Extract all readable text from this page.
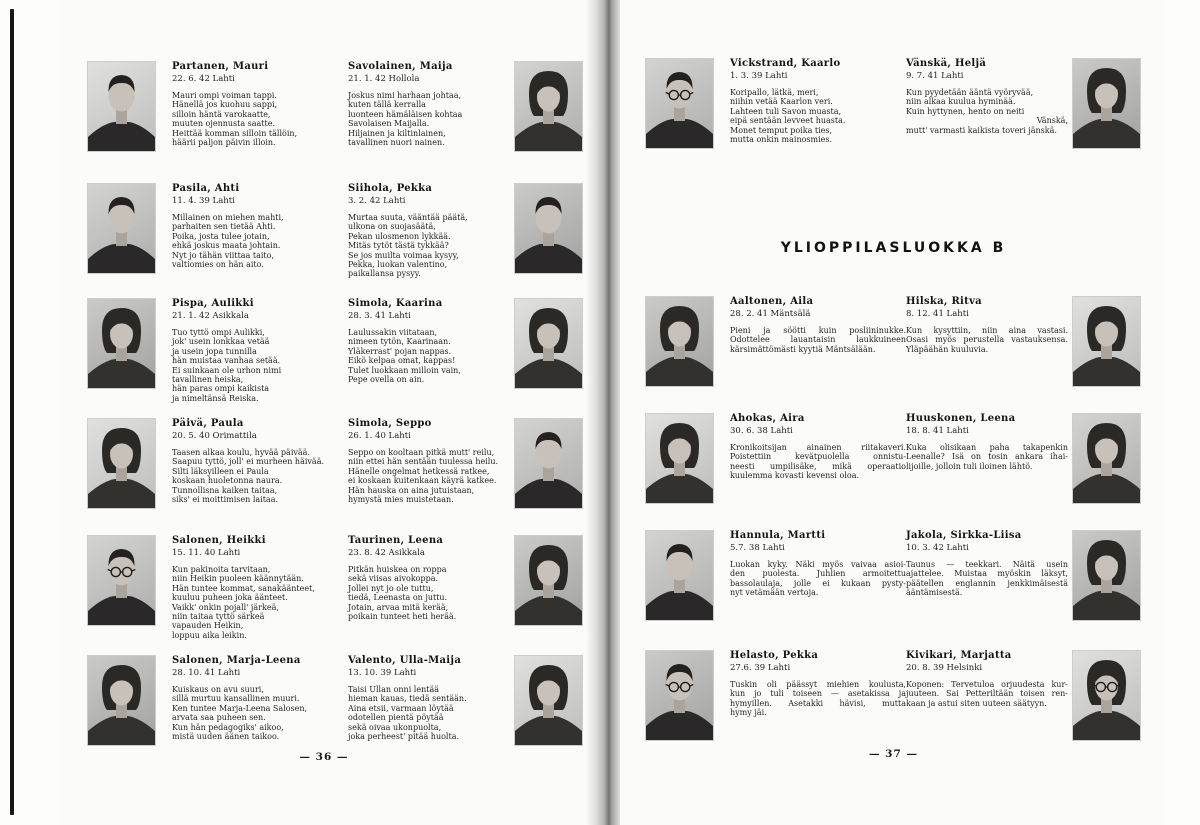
Partanen, Mauri
22. 6. 42 Lahti
Mauri ompi voiman tappi.
Hänellä jos kuohuu sappi,
silloin häntä varokaatte,
muuten ojennusta saatte.
Heittää komman silloin tällöin,
häärii paljon päivin illoin.
Savolainen, Maija
21. 1. 42 Hollola
Joskus nimi harhaan johtaa,
kuten tällä kerralla
luonteen hämäläisen kohtaa
Savolaisen Maijalla.
Hiljainen ja kiltinlainen,
tavallinen nuori nainen.
Pasila, Ahti
11. 4. 39 Lahti
Millainen on miehen mahti,
parhaiten sen tietää Ahti.
Poika, josta tulee jotain,
ehkä joskus maata johtain.
Nyt jo tähän viittaa taito,
valtiomies on hän aito.
Siihola, Pekka
3. 2. 42 Lahti
Murtaa suuta, vääntää päätä,
ulkona on suojasäätä,
Pekan ulosmenon lykkää.
Mitäs tytöt tästä tykkää?
Se jos muilta voimaa kysyy,
Pekka, luokan valentino,
paikallansa pysyy.
Pispa, Aulikki
21. 1. 42 Asikkala
Tuo tyttö ompi Aulikki,
jok' usein lonkkaa vetää
ja usein jopa tunnilla
hän muistaa vanhaa setää.
Ei suinkaan ole urhon nimi
tavallinen heiska,
hän paras ompi kaikista
ja nimeltänsä Reiska.
Simola, Kaarina
28. 3. 41 Lahti
Laulussakin viitataan,
nimeen tytön, Kaarinaan.
Yläkerrast' pojan nappas.
Eikö kelpaa omat, kappas!
Tulet luokkaan milloin vain,
Pepe ovella on ain.
Päivä, Paula
20. 5. 40 Orimattila
Taasen alkaa koulu, hyvää päivää.
Saapuu tyttö, joll' ei murheen häivää.
Silti läksyilleen ei Paula
koskaan huoletonna naura.
Tunnollisna kaiken taitaa,
siks' ei moittimisen laitaa.
Simola, Seppo
26. 1. 40 Lahti
Seppo on kooltaan pitkä mutt' reilu,
niin ettei hän sentään tuulessa heilu.
Hänelle ongelmat hetkessä ratkee,
ei koskaan kuitenkaan käyrä katkee.
Hän hauska on aina jutuistaan,
hymystä mies muistetaan.
Salonen, Heikki
15. 11. 40 Lahti
Kun pakinoita tarvitaan,
niin Heikin puoleen käännytään.
Hän tuntee kommat, sanakäänteet,
kuuluu puheen joka äänteet.
Vaikk' onkin pojall' järkeä,
niin taitaa tyttö särkeä
vapauden Heikin,
loppuu aika leikin.
Taurinen, Leena
23. 8. 42 Asikkala
Pitkän huiskea on roppa
sekä viisas aivokoppa.
Jollei nyt jo ole tuttu,
tiedä, Leenasta on juttu.
Jotain, arvaa mitä kerää,
poikain tunteet heti herää.
Salonen, Marja-Leena
28. 10. 41 Lahti
Kuiskaus on avu suuri,
sillä murtuu kansallinen muuri.
Ken tuntee Marja-Leena Salosen,
arvata saa puheen sen.
Kun hän pedagogiks' aikoo,
mistä uuden äänen taikoo.
Valento, Ulla-Maija
13. 10. 39 Lahti
Taisi Ullan onni lentää
hieman kauas, tiedä sentään.
Aina etsii, varmaan löytää
odotellen pientä pöytää
sekä oivaa ukonpuolta,
joka perheest' pitää huolta.
— 36 —
YLIOPPILASLUOKKA B
Vickstrand, Kaarlo
1. 3. 39 Lahti
Koripallo, lätkä, meri,
niihin vetää Kaarlon veri.
Lahteen tuli Savon muasta,
eipä sentään levveet huasta.
Monet temput poika ties,
mutta onkin mainosmies.
Vänskä, Heljä
9. 7. 41 Lahti
Kun pyydetään ääntä vyöryvää,
niin alkaa kuulua hyminää.
Kuin hyttynen, hento on neiti
Vänskä,
mutt' varmasti kaikista toveri jänskä.
Aaltonen, Aila
28. 2. 41 Mäntsälä
Pieni ja söötti kuin posliininukke.
Odottelee lauantaisin laukkuineen
kärsimättömästi kyytiä Mäntsälään.
Hilska, Ritva
8. 12. 41 Lahti
Kun kysyttiin, niin aina vastasi.
Osasi myös perustella vastauksensa.
Yläpäähän kuuluvia.
Ahokas, Aira
30. 6. 38 Lahti
Kronikoitsijan ainainen riitakaveri.
Poistettiin kevätpuolella onnistu-
neesti umpilisäke, mikä operaatio
kuulemma kovasti kevensi oloa.
Huuskonen, Leena
18. 8. 41 Lahti
Kuka olisikaan paha takapenkin
Leenalle? Isä on tosin ankara ihai-
lijoille, jolloin tuli iloinen lähtö.
Hannula, Martti
5.7. 38 Lahti
Luokan kyky. Näki myös vaivaa asioi-
den puolesta. Juhlien armoitettu
bassolaulaja, jolle ei kukaan pysty-
nyt vetämään vertoja.
Jakola, Sirkka-Liisa
10. 3. 42 Lahti
Taunus — teekkari. Näitä usein
ajattelee. Muistaa myöskin läksyt,
päätellen englannin jenkkimäisestä
ääntämisestä.
Helasto, Pekka
27.6. 39 Lahti
Tuskin oli päässyt miehien koulusta,
kun jo tuli toiseen — asetakissa ja
hymyillen. Asetakki hävisi, mutta
hymy jäi.
Kivikari, Marjatta
20. 8. 39 Helsinki
Koponen: Tervetuloa orjuudesta kur-
juuteen. Sai Petteriltään toisen ren-
kaan ja astui siten uuteen säätyyn.
— 37 —
